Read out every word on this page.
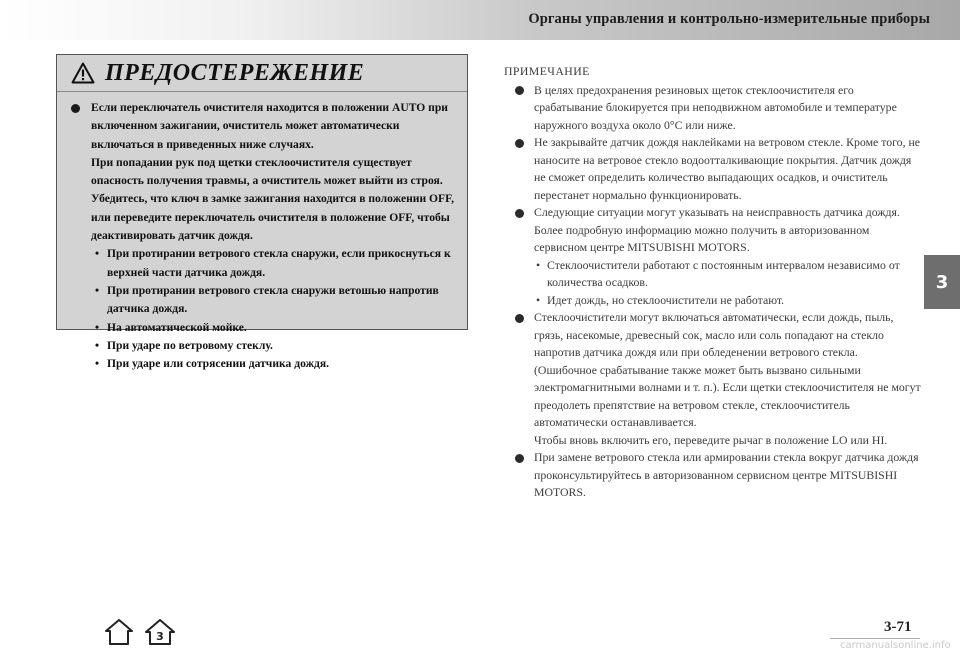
Органы управления и контрольно-измерительные приборы
3
ПРЕДОСТЕРЕЖЕНИЕ

Если переключатель очистителя находится в положении AUTO при включенном зажигании, очиститель может автоматически включаться в приведенных ниже случаях.

При попадании рук под щетки стеклоочистителя существует опасность получения травмы, а очиститель может выйти из строя. Убедитесь, что ключ в замке зажигания находится в положении OFF, или переведите переключатель очистителя в положение OFF, чтобы деактивировать датчик дождя.

• При протирании ветрового стекла снаружи, если прикоснуться к верхней части датчика дождя.
• При протирании ветрового стекла снаружи ветошью напротив датчика дождя.
• На автоматической мойке.
• При ударе по ветровому стеклу.
• При ударе или сотрясении датчика дождя.
ПРИМЕЧАНИЕ

В целях предохранения резиновых щеток стеклоочистителя его срабатывание блокируется при неподвижном автомобиле и температуре наружного воздуха около 0°C или ниже.

Не закрывайте датчик дождя наклейками на ветровом стекле. Кроме того, не наносите на ветровое стекло водоотталкивающие покрытия. Датчик дождя не сможет определить количество выпадающих осадков, и очиститель перестанет нормально функционировать.

Следующие ситуации могут указывать на неисправность датчика дождя. Более подробную информацию можно получить в авторизованном сервисном центре MITSUBISHI MOTORS.

• Стеклоочистители работают с постоянным интервалом независимо от количества осадков.
• Идет дождь, но стеклоочистители не работают.

Стеклоочистители могут включаться автоматически, если дождь, пыль, грязь, насекомые, древесный сок, масло или соль попадают на стекло напротив датчика дождя или при обледенении ветрового стекла. (Ошибочное срабатывание также может быть вызвано сильными электромагнитными волнами и т. п.). Если щетки стеклоочистителя не могут преодолеть препятствие на ветровом стекле, стеклоочиститель автоматически останавливается.

Чтобы вновь включить его, переведите рычаг в положение LO или HI.

При замене ветрового стекла или армировании стекла вокруг датчика дождя проконсультируйтесь в авторизованном сервисном центре MITSUBISHI MOTORS.

3
3-71
carmanualsonline.info
